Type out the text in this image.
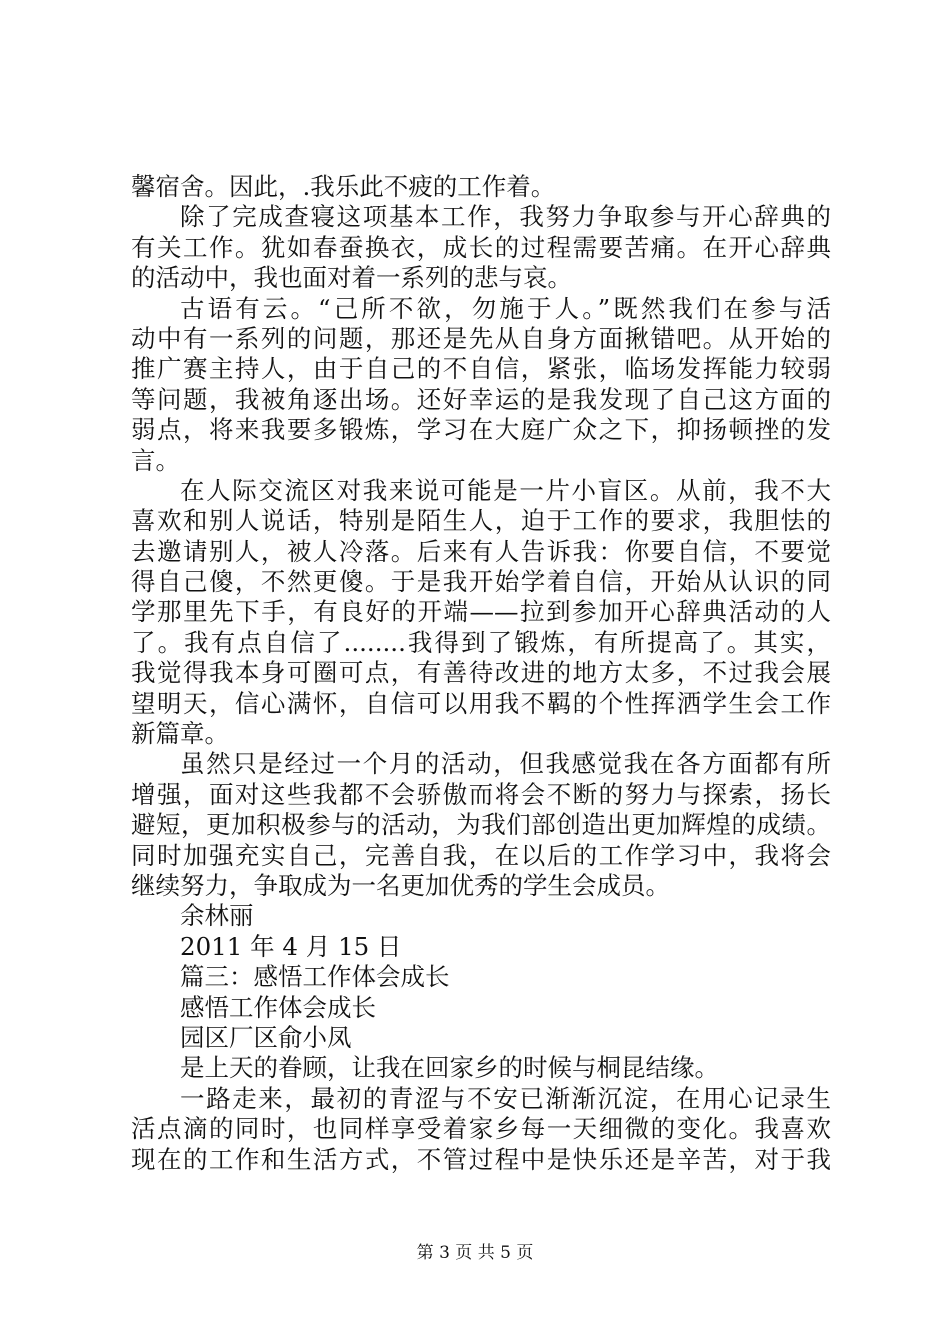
馨宿舍。因此，.我乐此不疲的工作着。
除了完成查寝这项基本工作，我努力争取参与开心辞典的
有关工作。犹如春蚕换衣，成长的过程需要苦痛。在开心辞典
的活动中，我也面对着一系列的悲与哀。
古语有云。“己所不欲，勿施于人。”既然我们在参与活
动中有一系列的问题，那还是先从自身方面揪错吧。从开始的
推广赛主持人，由于自己的不自信，紧张，临场发挥能力较弱
等问题，我被角逐出场。还好幸运的是我发现了自己这方面的
弱点，将来我要多锻炼，学习在大庭广众之下，抑扬顿挫的发
言。
在人际交流区对我来说可能是一片小盲区。从前，我不大
喜欢和别人说话，特别是陌生人，迫于工作的要求，我胆怯的
去邀请别人，被人冷落。后来有人告诉我：你要自信，不要觉
得自己傻，不然更傻。于是我开始学着自信，开始从认识的同
学那里先下手，有良好的开端——拉到参加开心辞典活动的人
了。我有点自信了........我得到了锻炼，有所提高了。其实，
我觉得我本身可圈可点，有善待改进的地方太多，不过我会展
望明天，信心满怀，自信可以用我不羁的个性挥洒学生会工作
新篇章。
虽然只是经过一个月的活动，但我感觉我在各方面都有所
增强，面对这些我都不会骄傲而将会不断的努力与探索，扬长
避短，更加积极参与的活动，为我们部创造出更加辉煌的成绩。
同时加强充实自己，完善自我，在以后的工作学习中，我将会
继续努力，争取成为一名更加优秀的学生会成员。
余林丽
2011 年 4 月 15 日
篇三：感悟工作体会成长
感悟工作体会成长
园区厂区俞小凤
是上天的眷顾，让我在回家乡的时候与桐昆结缘。
一路走来，最初的青涩与不安已渐渐沉淀，在用心记录生
活点滴的同时，也同样享受着家乡每一天细微的变化。我喜欢
现在的工作和生活方式，不管过程中是快乐还是辛苦，对于我
第 3 页 共 5 页
